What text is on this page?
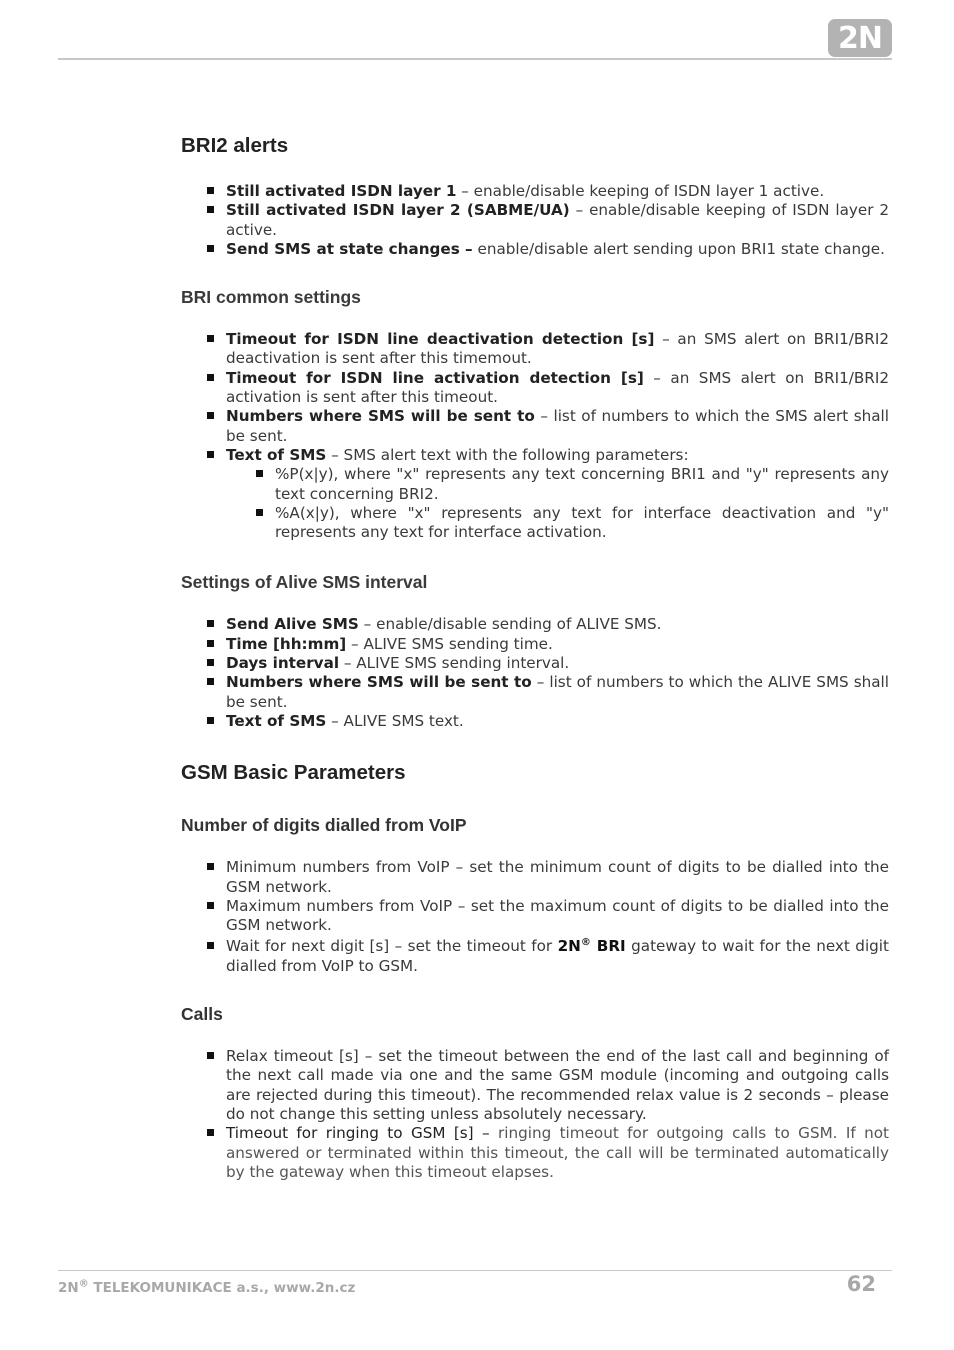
2N
BRI2 alerts
Still activated ISDN layer 1 – enable/disable keeping of ISDN layer 1 active.
Still activated ISDN layer 2 (SABME/UA) – enable/disable keeping of ISDN layer 2 active.
Send SMS at state changes – enable/disable alert sending upon BRI1 state change.
BRI common settings
Timeout for ISDN line deactivation detection [s] – an SMS alert on BRI1/BRI2 deactivation is sent after this timemout.
Timeout for ISDN line activation detection [s] – an SMS alert on BRI1/BRI2 activation is sent after this timeout.
Numbers where SMS will be sent to – list of numbers to which the SMS alert shall be sent.
Text of SMS – SMS alert text with the following parameters:
%P(x|y), where "x" represents any text concerning BRI1 and "y" represents any text concerning BRI2.
%A(x|y), where "x" represents any text for interface deactivation and "y" represents any text for interface activation.
Settings of Alive SMS interval
Send Alive SMS – enable/disable sending of ALIVE SMS.
Time [hh:mm] – ALIVE SMS sending time.
Days interval – ALIVE SMS sending interval.
Numbers where SMS will be sent to – list of numbers to which the ALIVE SMS shall be sent.
Text of SMS – ALIVE SMS text.
GSM Basic Parameters
Number of digits dialled from VoIP
Minimum numbers from VoIP – set the minimum count of digits to be dialled into the GSM network.
Maximum numbers from VoIP – set the maximum count of digits to be dialled into the GSM network.
Wait for next digit [s] – set the timeout for 2N® BRI gateway to wait for the next digit dialled from VoIP to GSM.
Calls
Relax timeout [s] – set the timeout between the end of the last call and beginning of the next call made via one and the same GSM module (incoming and outgoing calls are rejected during this timeout). The recommended relax value is 2 seconds – please do not change this setting unless absolutely necessary.
Timeout for ringing to GSM [s] – ringing timeout for outgoing calls to GSM. If not answered or terminated within this timeout, the call will be terminated automatically by the gateway when this timeout elapses.
2N® TELEKOMUNIKACE a.s., www.2n.cz	62
